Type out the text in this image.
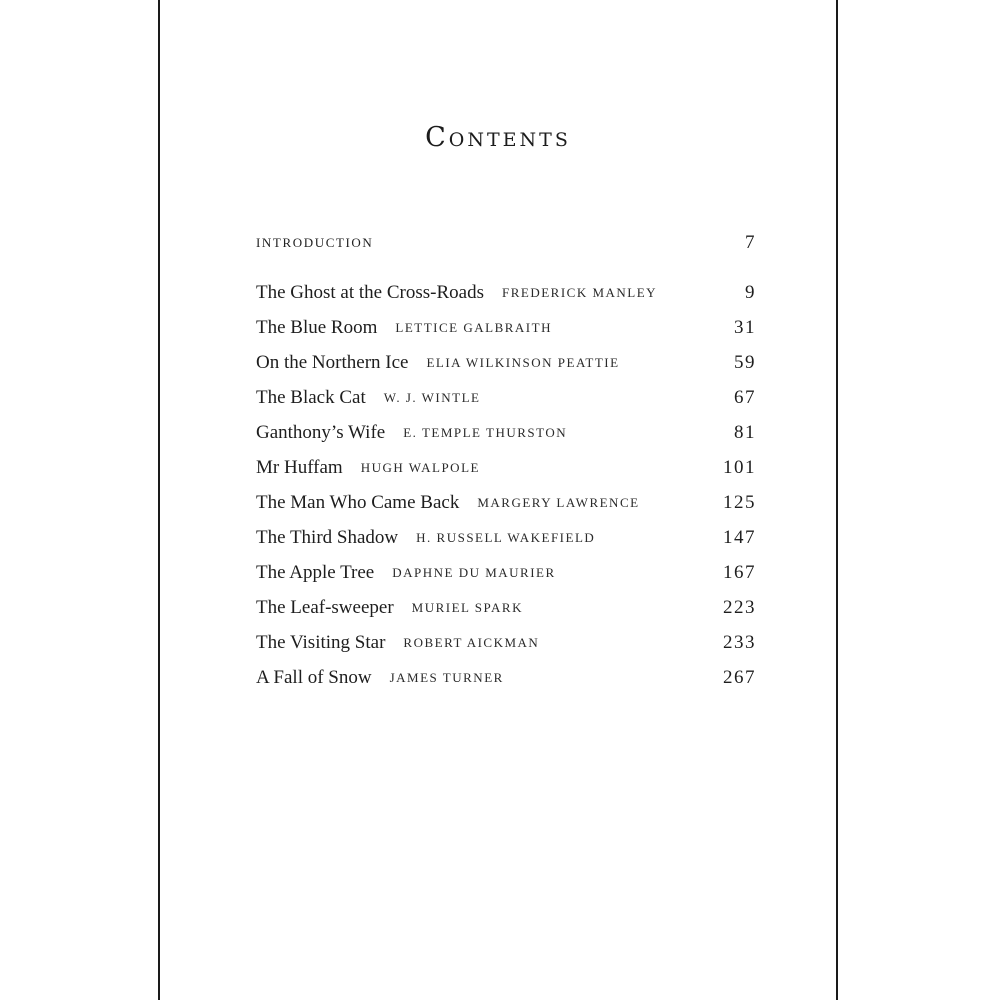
Contents
INTRODUCTION	7
The Ghost at the Cross-Roads FREDERICK MANLEY	9
The Blue Room LETTICE GALBRAITH	31
On the Northern Ice ELIA WILKINSON PEATTIE	59
The Black Cat W. J. WINTLE	67
Ganthony’s Wife E. TEMPLE THURSTON	81
Mr Huffam HUGH WALPOLE	101
The Man Who Came Back MARGERY LAWRENCE	125
The Third Shadow H. RUSSELL WAKEFIELD	147
The Apple Tree DAPHNE DU MAURIER	167
The Leaf-sweeper MURIEL SPARK	223
The Visiting Star ROBERT AICKMAN	233
A Fall of Snow JAMES TURNER	267
